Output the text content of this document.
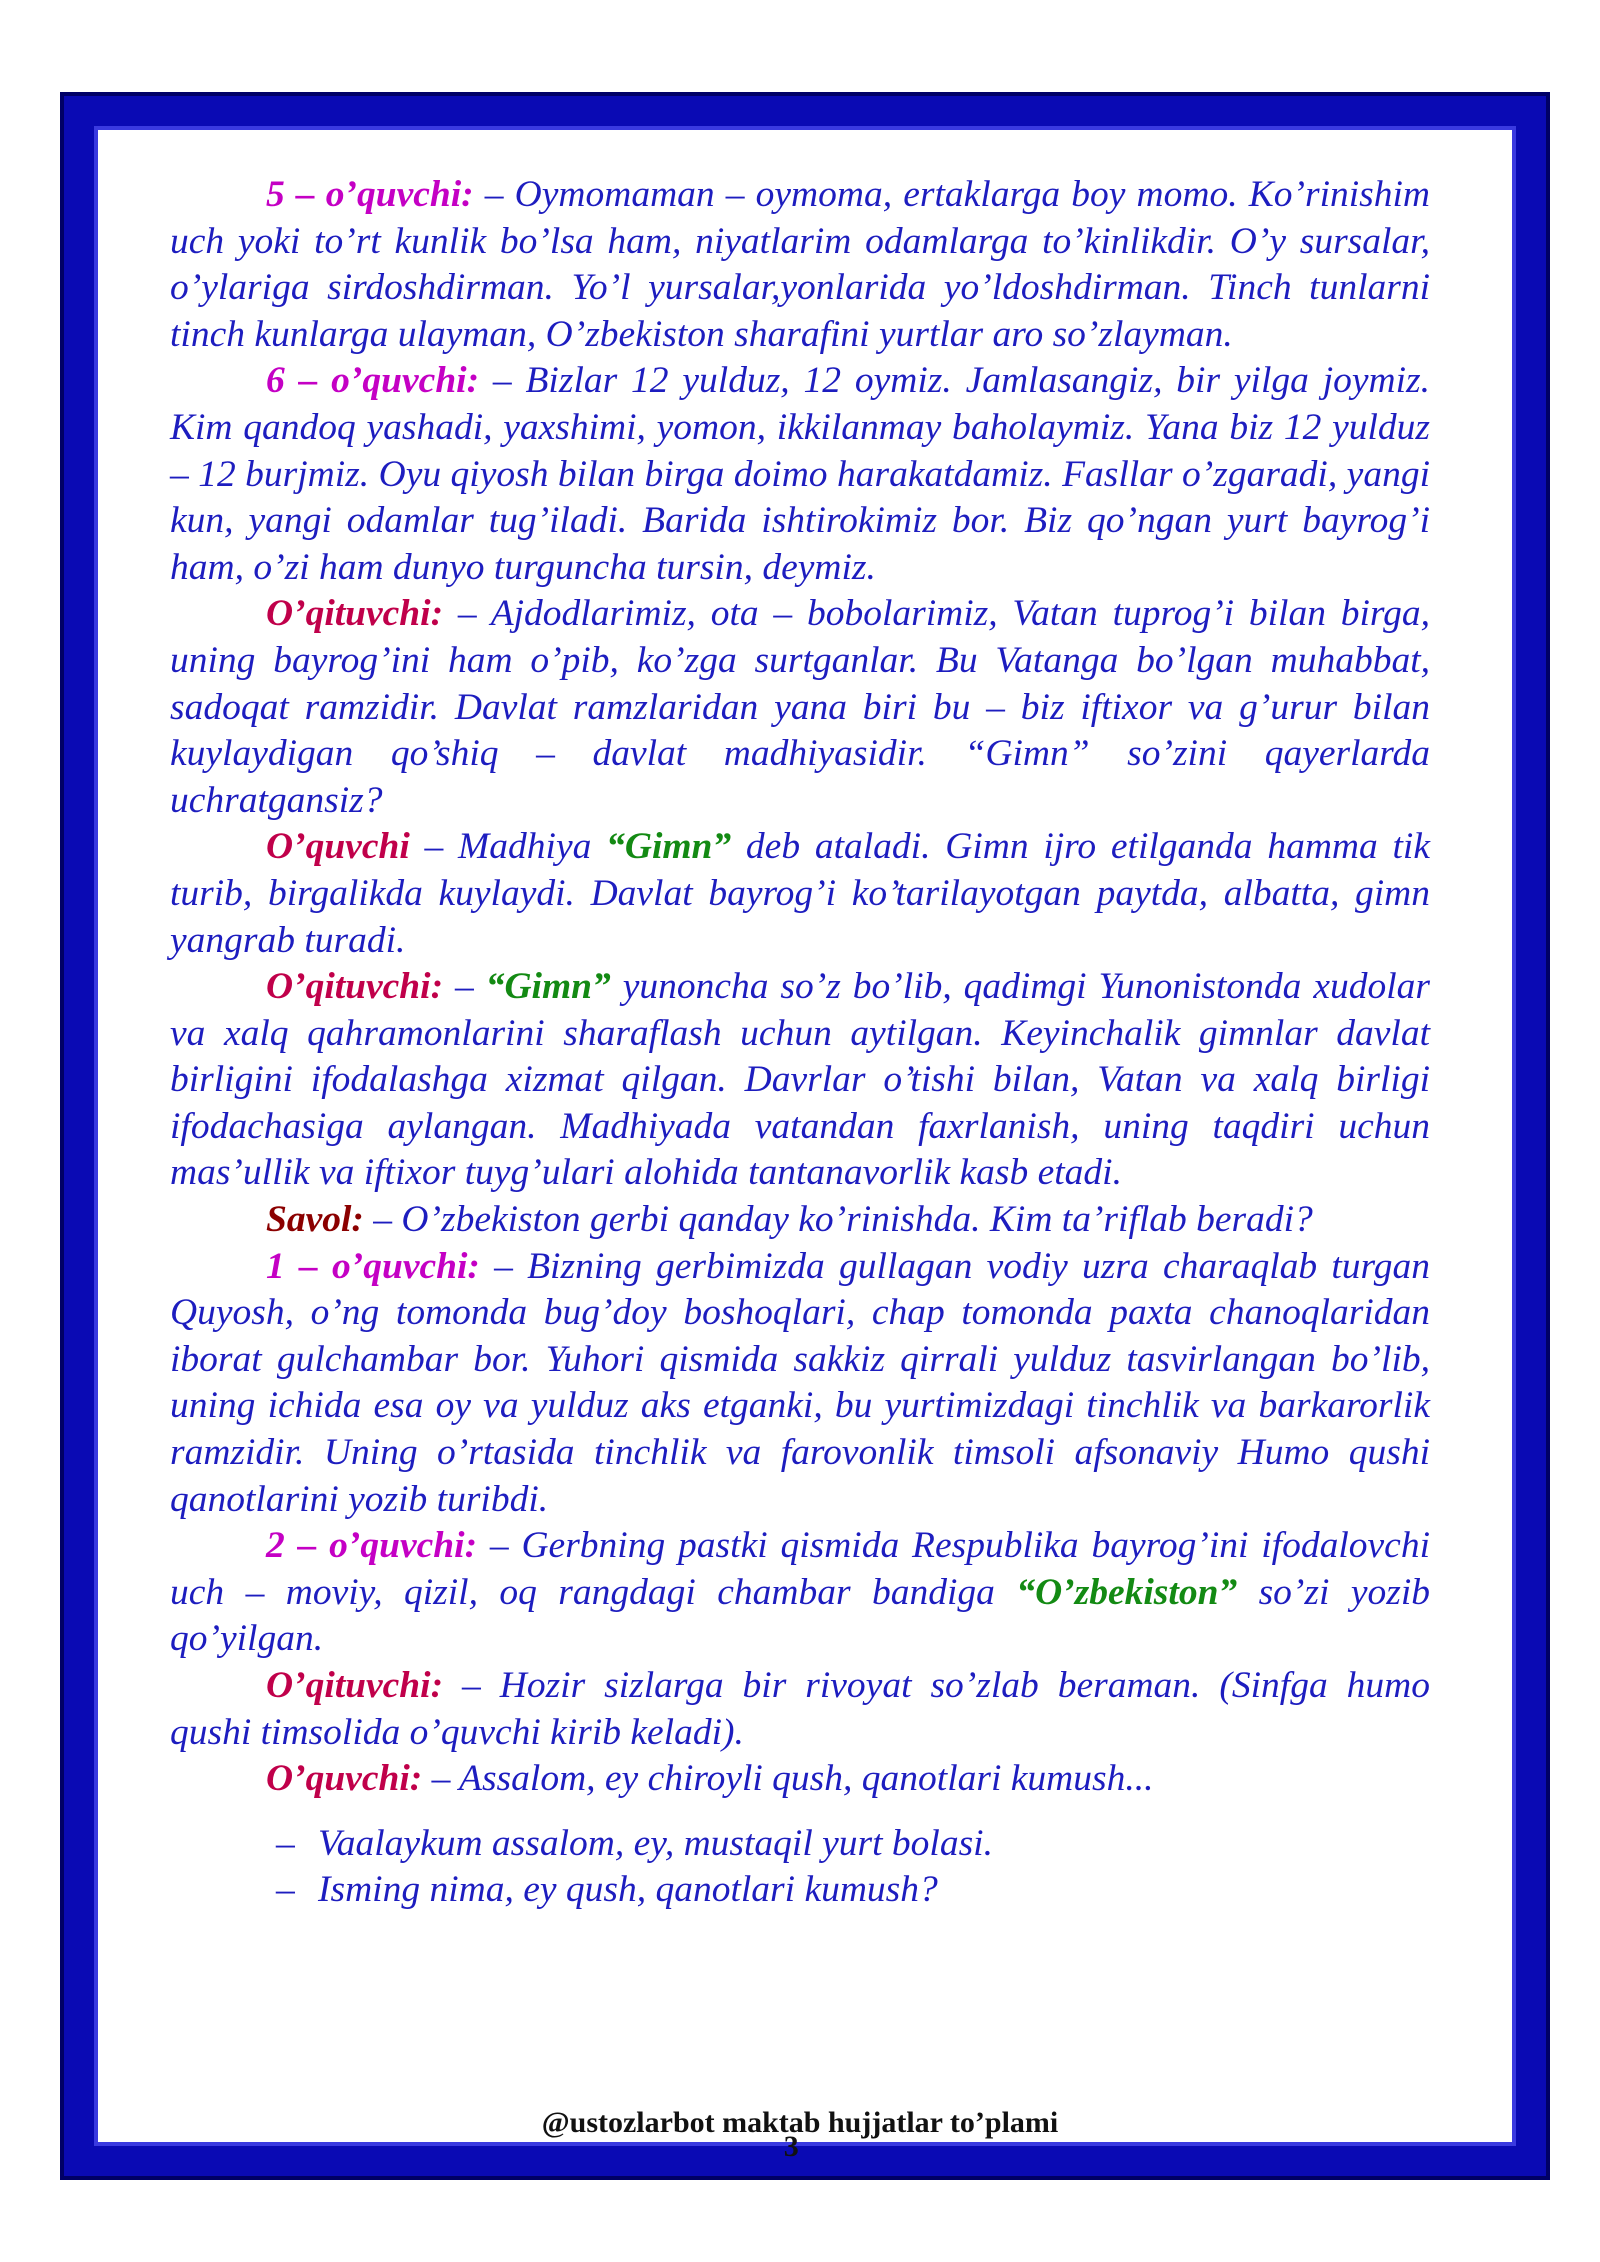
5 – o’quvchi: – Oymomaman – oymoma, ertaklarga boy momo. Ko’rinishim uch yoki to’rt kunlik bo’lsa ham, niyatlarim odamlarga to’kinlikdir. O’y sursalar, o’ylariga sirdoshdirman. Yo’l yursalar,yonlarida yo’ldoshdirman. Tinch tunlarni tinch kunlarga ulayman, O’zbekiston sharafini yurtlar aro so’zlayman.

6 – o’quvchi: – Bizlar 12 yulduz, 12 oymiz. Jamlasangiz, bir yilga joymiz. Kim qandoq yashadi, yaxshimi, yomon, ikkilanmay baholaymiz. Yana biz 12 yulduz – 12 burjmiz. Oyu qiyosh bilan birga doimo harakatdamiz. Fasllar o’zgaradi, yangi kun, yangi odamlar tug’iladi. Barida ishtirokimiz bor. Biz qo’ngan yurt bayrog’i ham, o’zi ham dunyo turguncha tursin, deymiz.

O’qituvchi: – Ajdodlarimiz, ota – bobolarimiz, Vatan tuprog’i bilan birga, uning bayrog’ini ham o’pib, ko’zga surtganlar. Bu Vatanga bo’lgan muhabbat, sadoqat ramzidir. Davlat ramzlaridan yana biri bu – biz iftixor va g’urur bilan kuylaydigan qo’shiq – davlat madhiyasidir. “Gimn” so’zini qayerlarda uchratgansiz?

O’quvchi – Madhiya “Gimn” deb ataladi. Gimn ijro etilganda hamma tik turib, birgalikda kuylaydi. Davlat bayrog’i ko’tarilayotgan paytda, albatta, gimn yangrab turadi.

O’qituvchi: – “Gimn” yunoncha so’z bo’lib, qadimgi Yunonistonda xudolar va xalq qahramonlarini sharaflash uchun aytilgan. Keyinchalik gimnlar davlat birligini ifodalashga xizmat qilgan. Davrlar o’tishi bilan, Vatan va xalq birligi ifodachasiga aylangan. Madhiyada vatandan faxrlanish, uning taqdiri uchun mas’ullik va iftixor tuyg’ulari alohida tantanavorlik kasb etadi.

Savol: – O’zbekiston gerbi qanday ko’rinishda. Kim ta’riflab beradi?

1 – o’quvchi: – Bizning gerbimizda gullagan vodiy uzra charaqlab turgan Quyosh, o’ng tomonda bug’doy boshoqlari, chap tomonda paxta chanoqlaridan iborat gulchambar bor. Yuhori qismida sakkiz qirrali yulduz tasvirlangan bo’lib, uning ichida esa oy va yulduz aks etganki, bu yurtimizdagi tinchlik va barkarorlik ramzidir. Uning o’rtasida tinchlik va farovonlik timsoli afsonaviy Humo qushi qanotlarini yozib turibdi.

2 – o’quvchi: – Gerbning pastki qismida Respublika bayrog’ini ifodalovchi uch – moviy, qizil, oq rangdagi chambar bandiga “O’zbekiston” so’zi yozib qo’yilgan.

O’qituvchi: – Hozir sizlarga bir rivoyat so’zlab beraman. (Sinfga humo qushi timsolida o’quvchi kirib keladi).

O’quvchi: – Assalom, ey chiroyli qush, qanotlari kumush...

– Vaalaykum assalom, ey, mustaqil yurt bolasi.
– Isming nima, ey qush, qanotlari kumush?
@ustozlarbot makta
3
b hujjatlar to’plami
